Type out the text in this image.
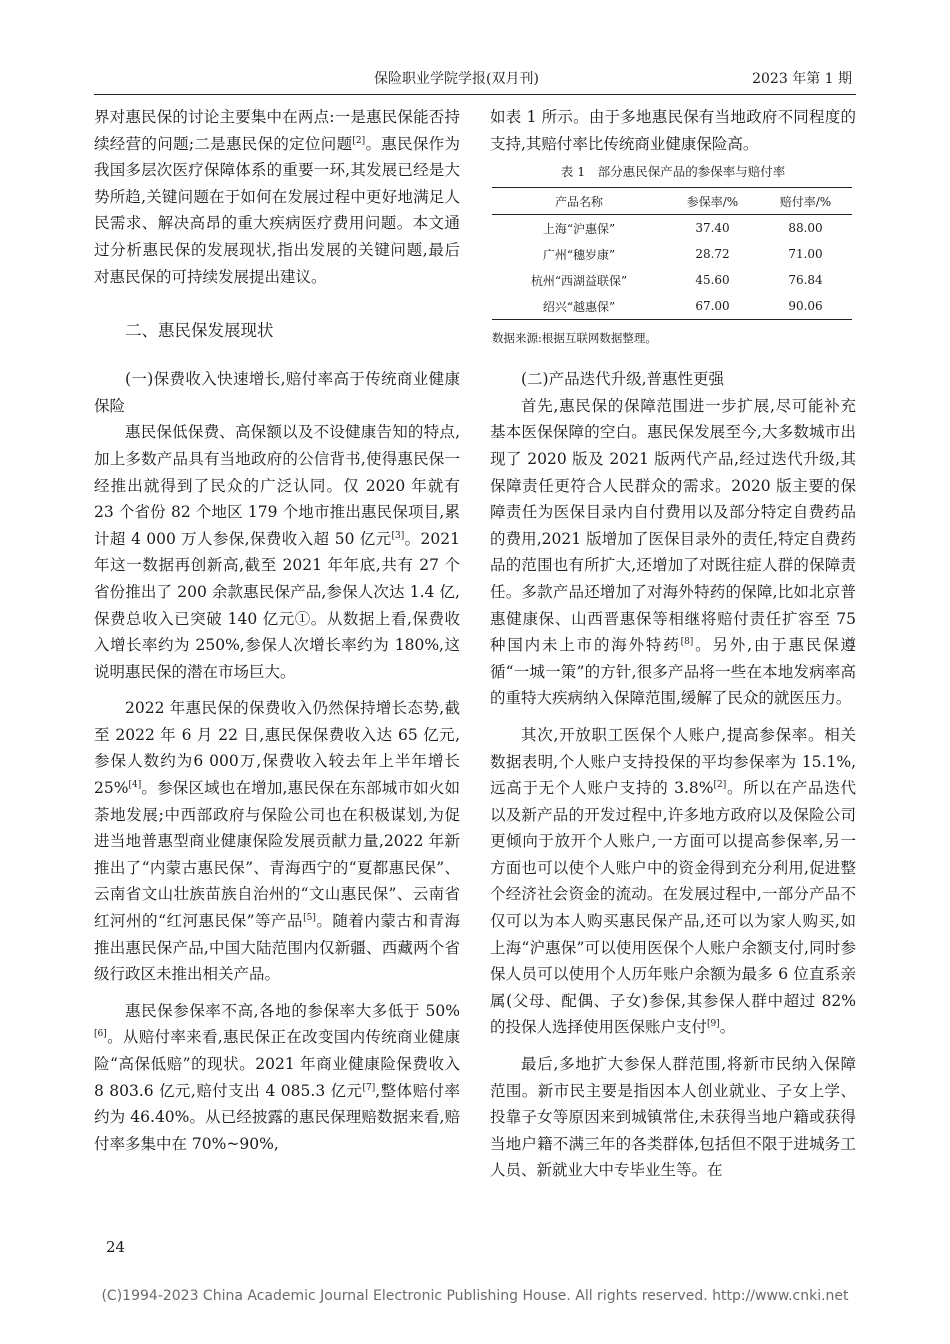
保险职业学院学报(双月刊)	2023 年第 1 期

界对惠民保的讨论主要集中在两点:一是惠民保能否持续经营的问题;二是惠民保的定位问题[2]。惠民保作为我国多层次医疗保障体系的重要一环,其发展已经是大势所趋,关键问题在于如何在发展过程中更好地满足人民需求、解决高昂的重大疾病医疗费用问题。本文通过分析惠民保的发展现状,指出发展的关键问题,最后对惠民保的可持续发展提出建议。

二、惠民保发展现状

(一)保费收入快速增长,赔付率高于传统商业健康保险

惠民保低保费、高保额以及不设健康告知的特点,加上多数产品具有当地政府的公信背书,使得惠民保一经推出就得到了民众的广泛认同。仅 2020 年就有 23 个省份 82 个地区 179 个地市推出惠民保项目,累计超 4 000 万人参保,保费收入超 50 亿元[3]。2021 年这一数据再创新高,截至 2021 年年底,共有 27 个省份推出了 200 余款惠民保产品,参保人次达 1.4 亿,保费总收入已突破 140 亿元①。从数据上看,保费收入增长率约为 250%,参保人次增长率约为 180%,这说明惠民保的潜在市场巨大。

2022 年惠民保的保费收入仍然保持增长态势,截至 2022 年 6 月 22 日,惠民保保费收入达 65 亿元,参保人数约为6 000万,保费收入较去年上半年增长 25%[4]。参保区域也在增加,惠民保在东部城市如火如荼地发展;中西部政府与保险公司也在积极谋划,为促进当地普惠型商业健康保险发展贡献力量,2022 年新推出了“内蒙古惠民保”、青海西宁的“夏都惠民保”、云南省文山壮族苗族自治州的“文山惠民保”、云南省红河州的“红河惠民保”等产品[5]。随着内蒙古和青海推出惠民保产品,中国大陆范围内仅新疆、西藏两个省级行政区未推出相关产品。

惠民保参保率不高,各地的参保率大多低于 50%[6]。从赔付率来看,惠民保正在改变国内传统商业健康险“高保低赔”的现状。2021 年商业健康险保费收入 8 803.6 亿元,赔付支出 4 085.3 亿元[7],整体赔付率约为 46.40%。从已经披露的惠民保理赔数据来看,赔付率多集中在 70%~90%,

如表 1 所示。由于多地惠民保有当地政府不同程度的支持,其赔付率比传统商业健康保险高。

表 1　部分惠民保产品的参保率与赔付率
产品名称	参保率/%	赔付率/%
上海“沪惠保”	37.40	88.00
广州“穗岁康”	28.72	71.00
杭州“西湖益联保”	45.60	76.84
绍兴“越惠保”	67.00	90.06
数据来源:根据互联网数据整理。

(二)产品迭代升级,普惠性更强

首先,惠民保的保障范围进一步扩展,尽可能补充基本医保保障的空白。惠民保发展至今,大多数城市出现了 2020 版及 2021 版两代产品,经过迭代升级,其保障责任更符合人民群众的需求。2020 版主要的保障责任为医保目录内自付费用以及部分特定自费药品的费用,2021 版增加了医保目录外的责任,特定自费药品的范围也有所扩大,还增加了对既往症人群的保障责任。多款产品还增加了对海外特药的保障,比如北京普惠健康保、山西晋惠保等相继将赔付责任扩容至 75 种国内未上市的海外特药[8]。另外,由于惠民保遵循“一城一策”的方针,很多产品将一些在本地发病率高的重特大疾病纳入保障范围,缓解了民众的就医压力。

其次,开放职工医保个人账户,提高参保率。相关数据表明,个人账户支持投保的平均参保率为 15.1%,远高于无个人账户支持的 3.8%[2]。所以在产品迭代以及新产品的开发过程中,许多地方政府以及保险公司更倾向于放开个人账户,一方面可以提高参保率,另一方面也可以使个人账户中的资金得到充分利用,促进整个经济社会资金的流动。在发展过程中,一部分产品不仅可以为本人购买惠民保产品,还可以为家人购买,如上海“沪惠保”可以使用医保个人账户余额支付,同时参保人员可以使用个人历年账户余额为最多 6 位直系亲属(父母、配偶、子女)参保,其参保人群中超过 82%的投保人选择使用医保账户支付[9]。

最后,多地扩大参保人群范围,将新市民纳入保障范围。新市民主要是指因本人创业就业、子女上学、投靠子女等原因来到城镇常住,未获得当地户籍或获得当地户籍不满三年的各类群体,包括但不限于进城务工人员、新就业大中专毕业生等。在

24
(C)1994-2023 China Academic Journal Electronic Publishing House. All rights reserved. http://www.cnki.net
